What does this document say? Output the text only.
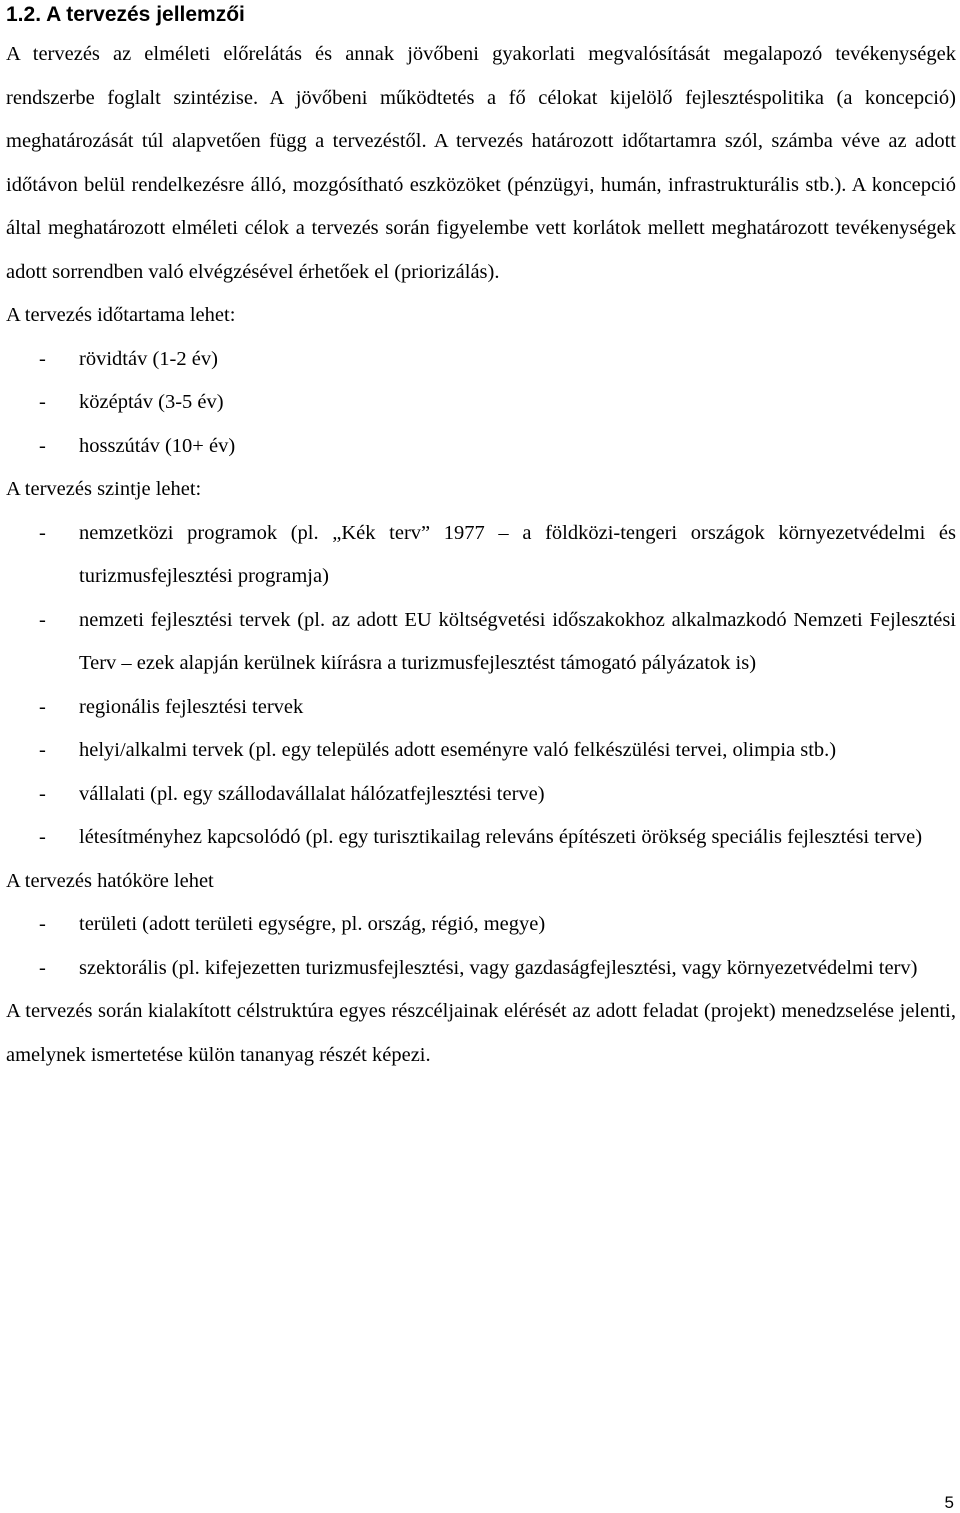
1.2. A tervezés jellemzői

A tervezés az elméleti előrelátás és annak jövőbeni gyakorlati megvalósítását megalapozó tevékenységek rendszerbe foglalt szintézise. A jövőbeni működtetés a fő célokat kijelölő fejlesztéspolitika (a koncepció) meghatározását túl alapvetően függ a tervezéstől. A tervezés határozott időtartamra szól, számba véve az adott időtávon belül rendelkezésre álló, mozgósítható eszközöket (pénzügyi, humán, infrastrukturális stb.). A koncepció által meghatározott elméleti célok a tervezés során figyelembe vett korlátok mellett meghatározott tevékenységek adott sorrendben való elvégzésével érhetőek el (priorizálás).

A tervezés időtartama lehet:

- rövidtáv (1-2 év)
- középtáv (3-5 év)
- hosszútáv (10+ év)

A tervezés szintje lehet:

- nemzetközi programok (pl. „Kék terv” 1977 – a földközi-tengeri országok környezetvédelmi és turizmusfejlesztési programja)
- nemzeti fejlesztési tervek (pl. az adott EU költségvetési időszakokhoz alkalmazkodó Nemzeti Fejlesztési Terv – ezek alapján kerülnek kiírásra a turizmusfejlesztést támogató pályázatok is)
- regionális fejlesztési tervek
- helyi/alkalmi tervek (pl. egy település adott eseményre való felkészülési tervei, olimpia stb.)
- vállalati (pl. egy szállodavállalat hálózatfejlesztési terve)
- létesítményhez kapcsolódó (pl. egy turisztikailag releváns építészeti örökség speciális fejlesztési terve)

A tervezés hatóköre lehet

- területi (adott területi egységre, pl. ország, régió, megye)
- szektorális (pl. kifejezetten turizmusfejlesztési, vagy gazdaságfejlesztési, vagy környezetvédelmi terv)

A tervezés során kialakított célstruktúra egyes részcéljainak elérését az adott feladat (projekt) menedzselése jelenti, amelynek ismertetése külön tananyag részét képezi.

5
